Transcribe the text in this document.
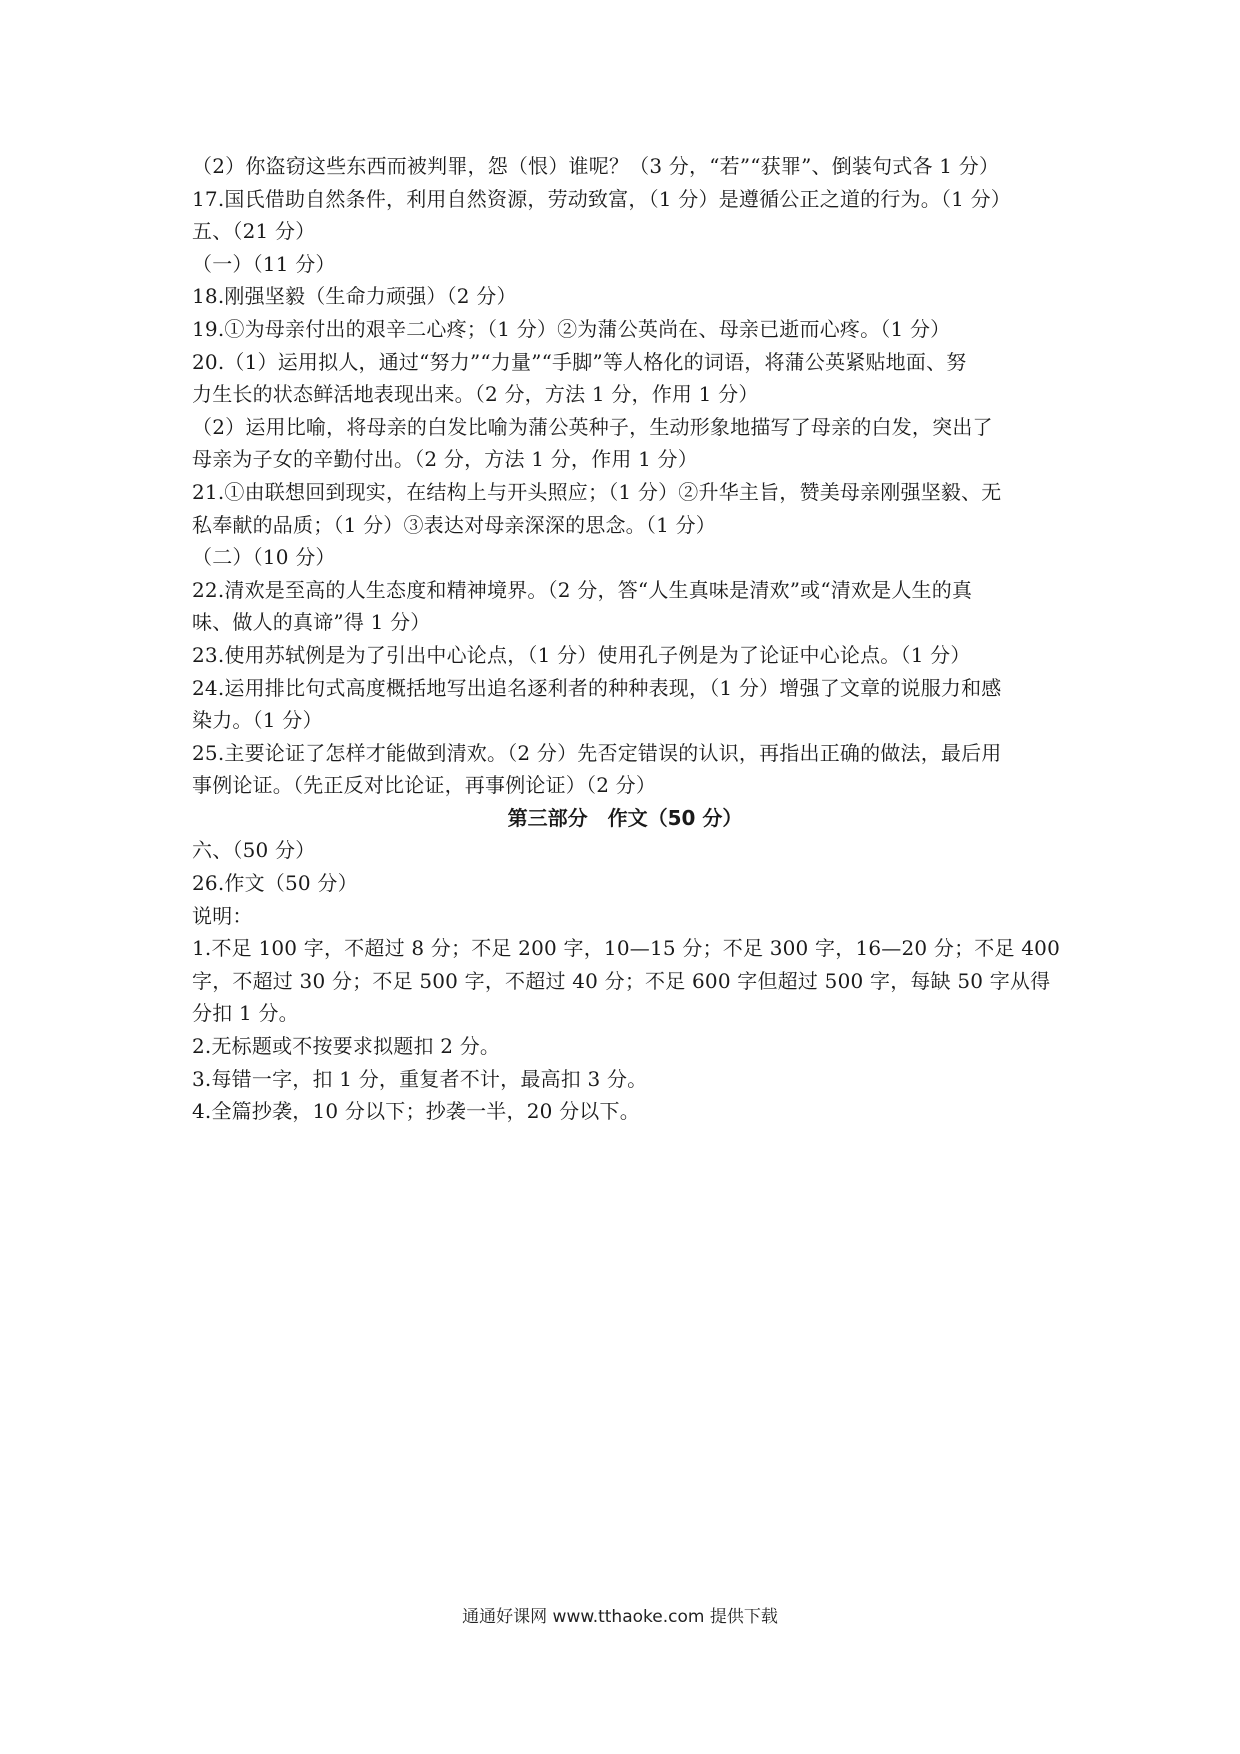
（2）你盗窃这些东西而被判罪，怨（恨）谁呢？（3 分，“若”“获罪”、倒装句式各 1 分）
17.国氏借助自然条件，利用自然资源，劳动致富，（1 分）是遵循公正之道的行为。（1 分）
五、（21 分）
（一）（11 分）
18.刚强坚毅（生命力顽强）（2 分）
19.①为母亲付出的艰辛二心疼；（1 分）②为蒲公英尚在、母亲已逝而心疼。（1 分）
20.（1）运用拟人，通过“努力”“力量”“手脚”等人格化的词语，将蒲公英紧贴地面、努
力生长的状态鲜活地表现出来。（2 分，方法 1 分，作用 1 分）
（2）运用比喻，将母亲的白发比喻为蒲公英种子，生动形象地描写了母亲的白发，突出了
母亲为子女的辛勤付出。（2 分，方法 1 分，作用 1 分）
21.①由联想回到现实，在结构上与开头照应；（1 分）②升华主旨，赞美母亲刚强坚毅、无
私奉献的品质；（1 分）③表达对母亲深深的思念。（1 分）
（二）（10 分）
22.清欢是至高的人生态度和精神境界。（2 分，答“人生真味是清欢”或“清欢是人生的真
味、做人的真谛”得 1 分）
23.使用苏轼例是为了引出中心论点，（1 分）使用孔子例是为了论证中心论点。（1 分）
24.运用排比句式高度概括地写出追名逐利者的种种表现，（1 分）增强了文章的说服力和感
染力。（1 分）
25.主要论证了怎样才能做到清欢。（2 分）先否定错误的认识，再指出正确的做法，最后用
事例论证。（先正反对比论证，再事例论证）（2 分）
第三部分　作文（50 分）
六、（50 分）
26.作文（50 分）
说明：
1.不足 100 字，不超过 8 分；不足 200 字，10—15 分；不足 300 字，16—20 分；不足 400
字，不超过 30 分；不足 500 字，不超过 40 分；不足 600 字但超过 500 字，每缺 50 字从得
分扣 1 分。
2.无标题或不按要求拟题扣 2 分。
3.每错一字，扣 1 分，重复者不计，最高扣 3 分。
4.全篇抄袭，10 分以下；抄袭一半，20 分以下。
通通好课网 www.tthaoke.com 提供下载
